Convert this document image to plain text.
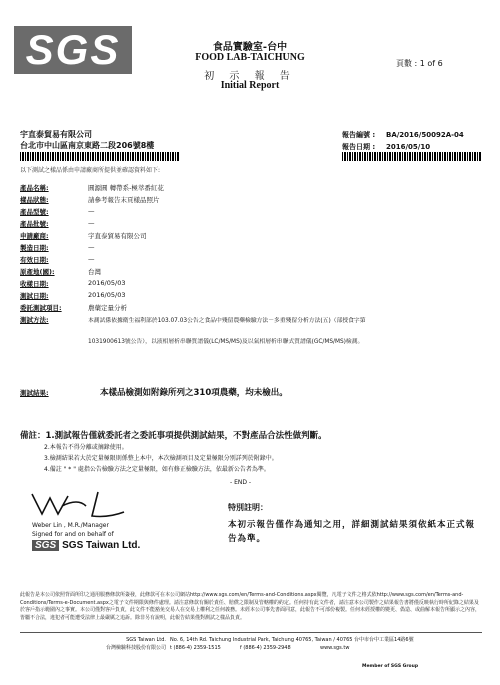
SGS	食品實驗室-台中
FOOD LAB-TAICHUNG
初 示 報 告
Initial Report
頁數 : 1 of 6
宇直泰貿易有限公司
台北市中山區南京東路二段206號8樓
報告編號 : BA/2016/50092A-04
報告日期 : 2016/05/10
以下測試之樣品係由申請廠商所提供並確認資料如下:
產品名稱:	圓源圓 轉帶系-極萃番紅花
樣品狀態:	請參考報告末頁樣品照片
產品型號:	—
產品批號:	—
申請廠商:	宇直泰貿易有限公司
製造日期:	—
有效日期:	—
原產地(國):	台灣
收樣日期:	2016/05/03
測試日期:	2016/05/03
委託測試項目:	農藥定量分析
測試方法:	本測試係依據衛生福利部於103.07.03公告之食品中殘留農藥檢驗方法－多重殘留分析方法(五)（部授食字第
1031900613號公告），以液相層析串聯質譜儀(LC/MS/MS)及以氣相層析串聯式質譜儀(GC/MS/MS)檢測。
測試結果:	本樣品檢測如附錄所列之310項農藥，均未檢出。
備註：1.測試報告僅就委託者之委託事項提供測試結果，不對產品合法性做判斷。
2.本報告不得分離或摘錄使用。
3.檢測結果若大於定量極限則係整上本中，本次檢測項目及定量極限分別詳列於附錄中。
4.備註 " * " 處指公告檢驗方法之定量極限，如有修正檢驗方法，依最新公告者為準。
- END -
Weber Lin , M.R./Manager
Signed for and on behalf of
SGS SGS Taiwan Ltd.
特別註明：
本初示報告僅作為通知之用，詳細測試結果須依紙本正式報告為準。
此報告是本公司依照背面所印之通用服務條款所簽發，此條款可在本公司網站http://www.sgs.com/en/Terms-and-Conditions.aspx閱覽，凡電子文件之格式依http://www.sgs.com/en/Terms-and-Conditions/Terms-e-Document.aspx之電子文件期限與條件處理。請注意條款有關於責任、賠償之限制及管轄權的約定。任何持有此文件者，請注意本公司製作之結果報告書將僅反映執行時所紀錄之結果及於客戶指示範圍內之事實。本公司僅對客戶負責，此文件不能豁免交易人在交易上權利之任何義務。未經本公司事先書面同意，此報告不可部份複製。任何未經授權的變更、偽造、或曲解本報告所顯示之內容，皆屬不合法，違犯者可能遭受法律上最嚴厲之追訴。除非另有說明，此報告結果僅對測試之樣品負責。
SGS Taiwan Ltd.
台灣檢驗科技股份有限公司
No. 6, 14th Rd. Taichung Industrial Park, Taichung 40765, Taiwan / 40765 台中市台中工業區14路6號
t (886-4) 2359-1515	f (886-4) 2359-2948	www.sgs.tw
Member of SGS Group
